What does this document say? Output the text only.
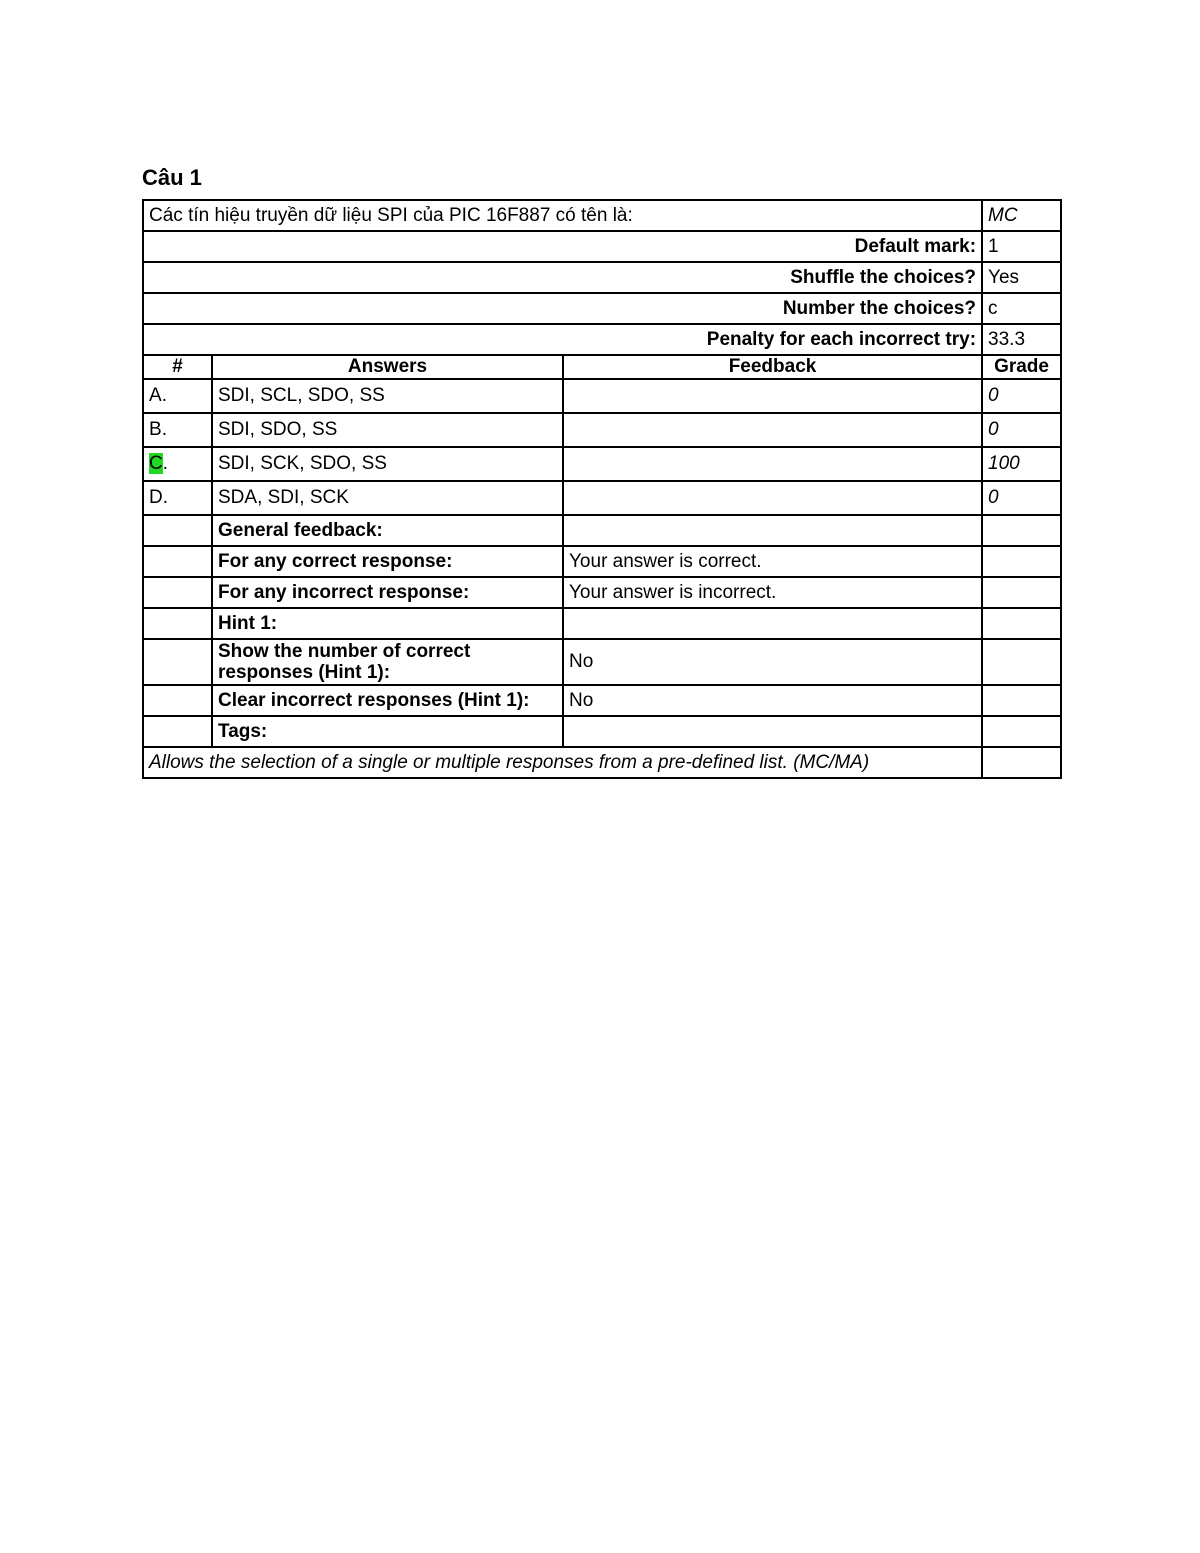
Câu 1
Các tín hiệu truyền dữ liệu SPI của PIC 16F887 có tên là:			MC
Default mark:			1
Shuffle the choices?			Yes
Number the choices?			c
Penalty for each incorrect try:			33.3
#	Answers	Feedback	Grade
A.	SDI, SCL, SDO, SS		0
B.	SDI, SDO, SS		0
C.	SDI, SCK, SDO, SS		100
D.	SDA, SDI, SCK		0
	General feedback:		
	For any correct response:	Your answer is correct.	
	For any incorrect response:	Your answer is incorrect.	
	Hint 1:		
	Show the number of correct responses (Hint 1):	No	
	Clear incorrect responses (Hint 1):	No	
	Tags:		
Allows the selection of a single or multiple responses from a pre-defined list. (MC/MA)			
